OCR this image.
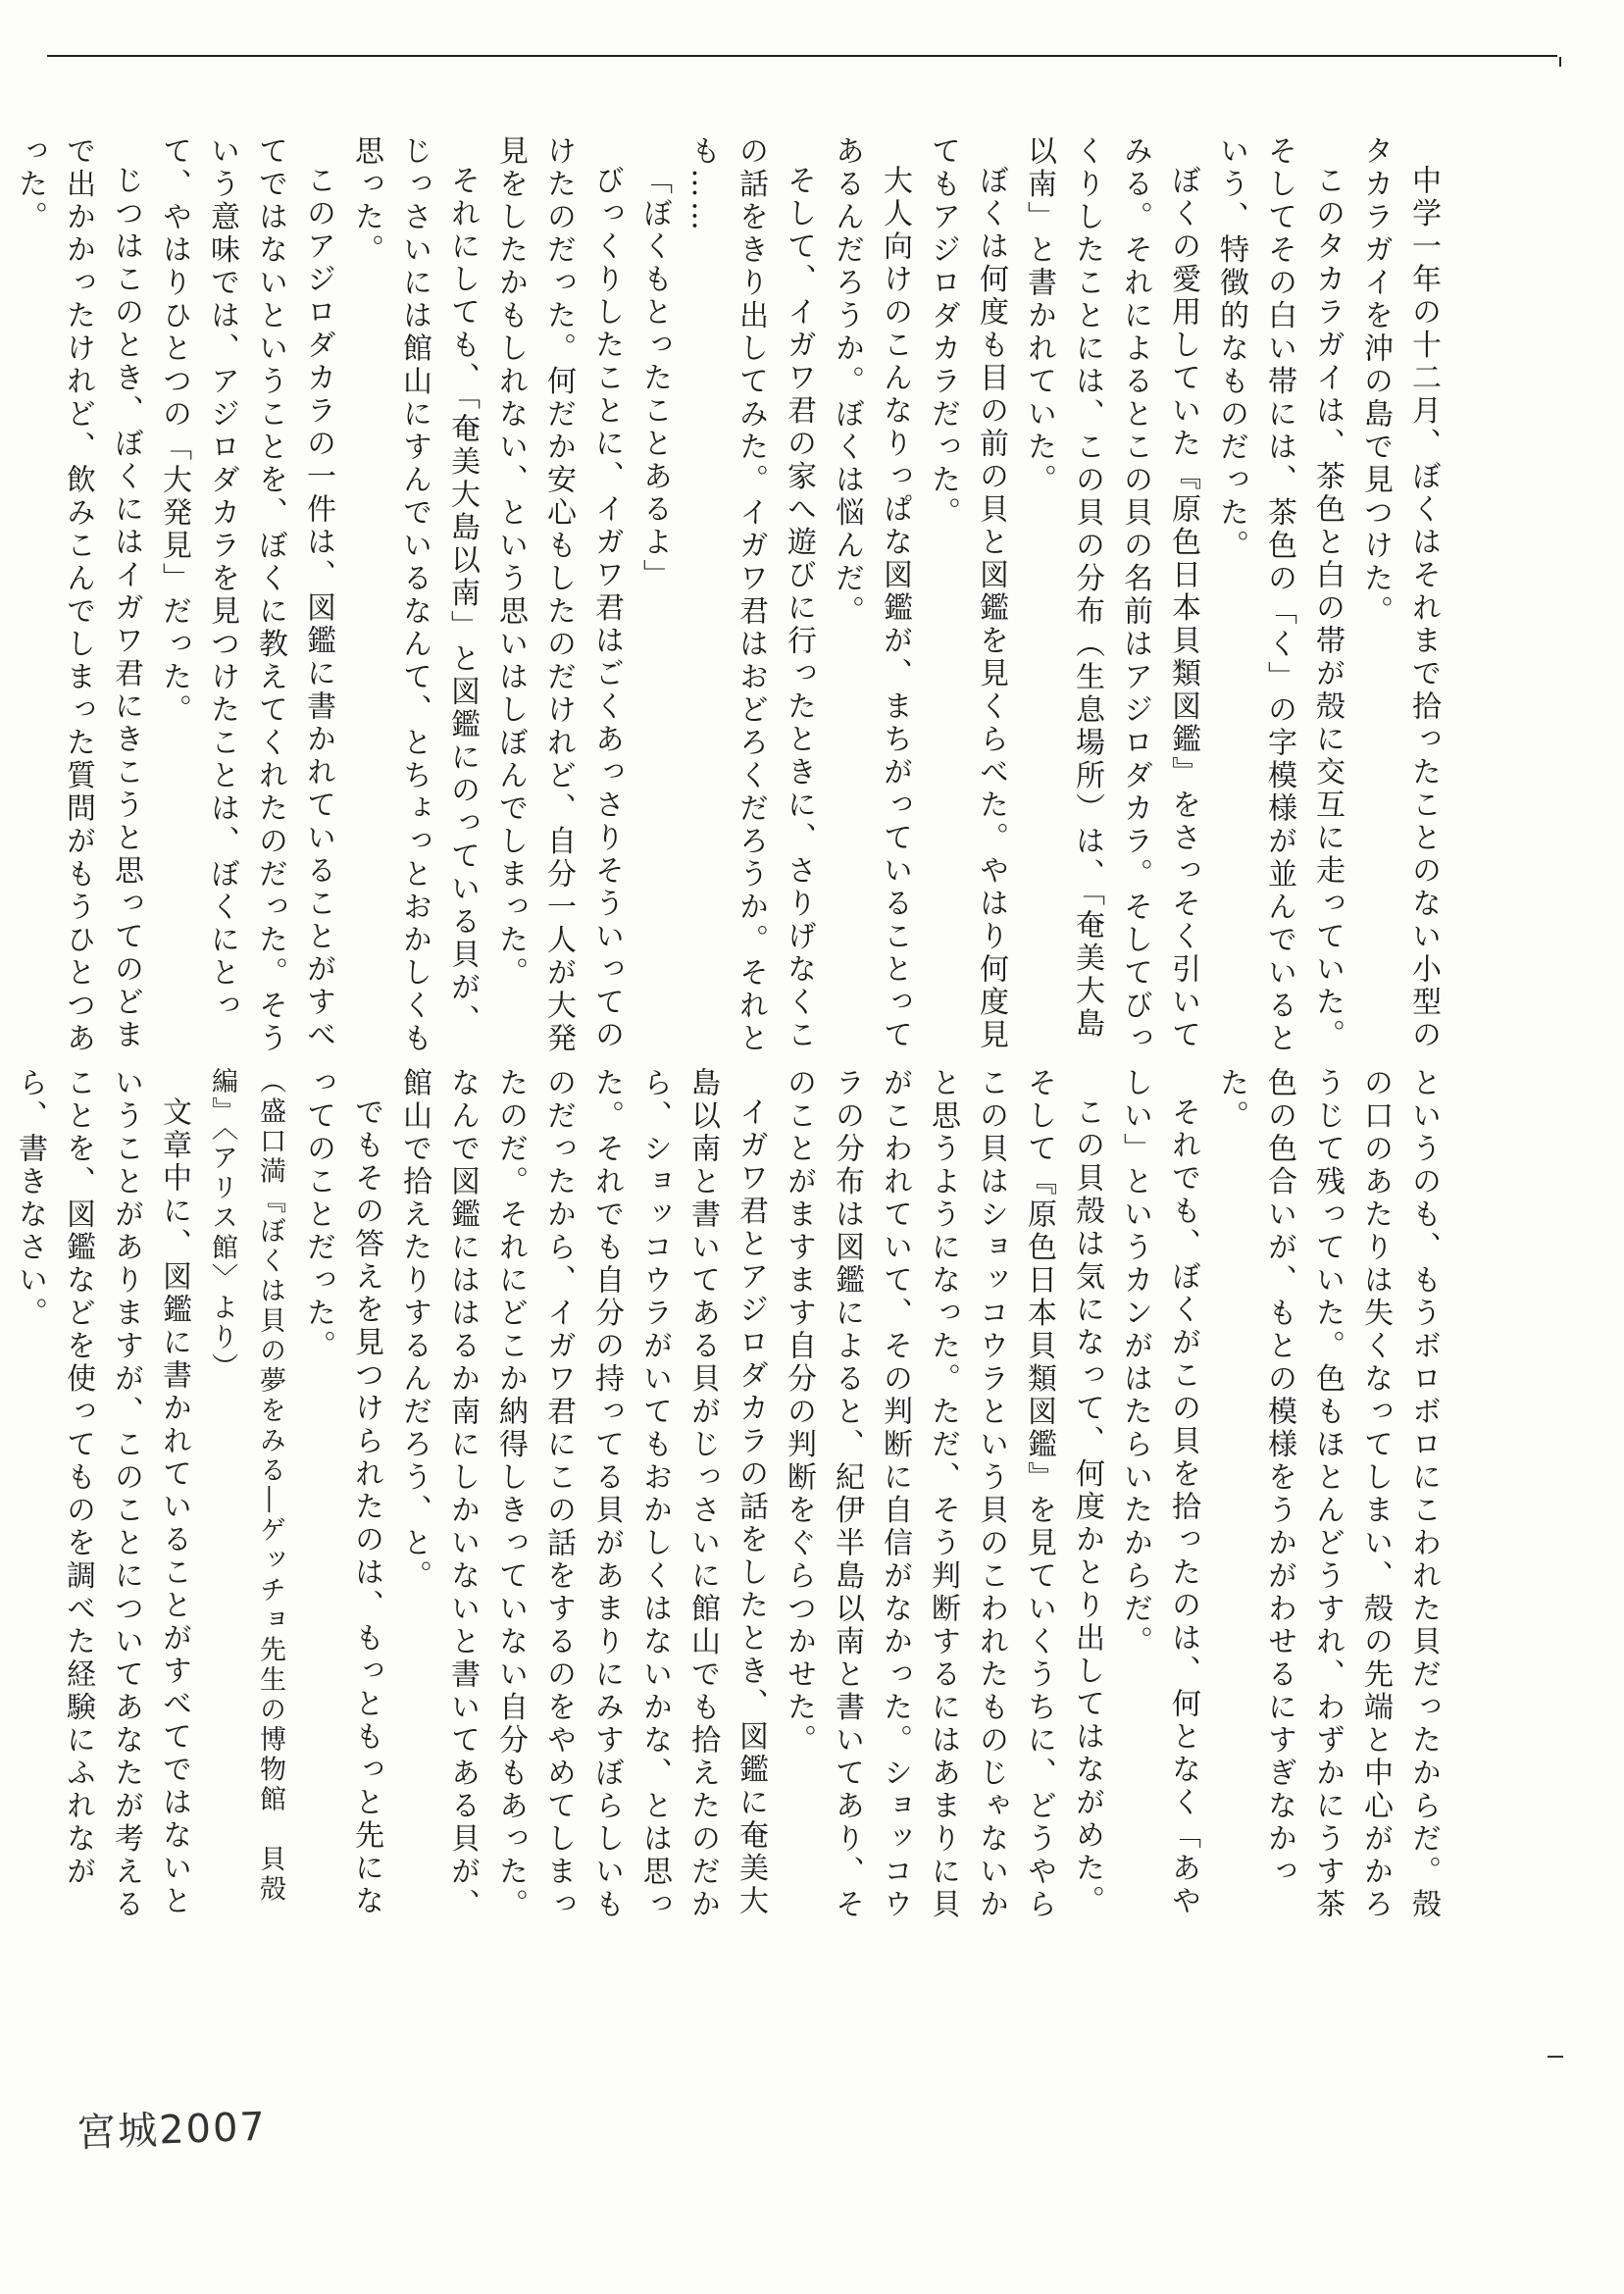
中学一年の十二月、ぼくはそれまで拾ったことのない小型のタカラガイを沖の島で見つけた。

このタカラガイは、茶色と白の帯が殻に交互に走っていた。そしてその白い帯には、茶色の「く」の字模様が並んでいるという、特徴的なものだった。

ぼくの愛用していた『原色日本貝類図鑑』をさっそく引いてみる。それによるとこの貝の名前はアジロダカラ。そしてびっくりしたことには、この貝の分布（生息場所）は、「奄美大島以南」と書かれていた。

ぼくは何度も目の前の貝と図鑑を見くらべた。やはり何度見てもアジロダカラだった。

大人向けのこんなりっぱな図鑑が、まちがっていることってあるんだろうか。ぼくは悩んだ。

そして、イガワ君の家へ遊びに行ったときに、さりげなくこの話をきり出してみた。イガワ君はおどろくだろうか。それとも……

「ぼくもとったことあるよ」

びっくりしたことに、イガワ君はごくあっさりそういってのけたのだった。何だか安心もしたのだけれど、自分一人が大発見をしたかもしれない、という思いはしぼんでしまった。

それにしても、「奄美大島以南」と図鑑にのっている貝が、じっさいには館山にすんでいるなんて、とちょっとおかしくも思った。

このアジロダカラの一件は、図鑑に書かれていることがすべてではないということを、ぼくに教えてくれたのだった。そういう意味では、アジロダカラを見つけたことは、ぼくにとって、やはりひとつの「大発見」だった。

じつはこのとき、ぼくにはイガワ君にきこうと思ってのどまで出かかったけれど、飲みこんでしまった質問がもうひとつあった。

というのも、もうボロボロにこわれた貝だったからだ。殻の口のあたりは失くなってしまい、殻の先端と中心がかろうじて残っていた。色もほとんどうすれ、わずかにうす茶色の色合いが、もとの模様をうかがわせるにすぎなかった。

それでも、ぼくがこの貝を拾ったのは、何となく「あやしい」というカンがはたらいたからだ。

この貝殻は気になって、何度かとり出してはながめた。そして『原色日本貝類図鑑』を見ていくうちに、どうやらこの貝はショッコウラという貝のこわれたものじゃないかと思うようになった。ただ、そう判断するにはあまりに貝がこわれていて、その判断に自信がなかった。ショッコウラの分布は図鑑によると、紀伊半島以南と書いてあり、そのことがますます自分の判断をぐらつかせた。

イガワ君とアジロダカラの話をしたとき、図鑑に奄美大島以南と書いてある貝がじっさいに館山でも拾えたのだから、ショッコウラがいてもおかしくはないかな、とは思った。それでも自分の持ってる貝があまりにみすぼらしいものだったから、イガワ君にこの話をするのをやめてしまったのだ。それにどこか納得しきっていない自分もあった。なんで図鑑にははるか南にしかいないと書いてある貝が、館山で拾えたりするんだろう、と。

でもその答えを見つけられたのは、もっともっと先になってのことだった。

（盛口満『ぼくは貝の夢をみる―ゲッチョ先生の博物館　貝殻編』〈アリス館〉より）

文章中に、図鑑に書かれていることがすべてではないということがありますが、このことについてあなたが考えることを、図鑑などを使ってものを調べた経験にふれながら、書きなさい。

宮城2007
